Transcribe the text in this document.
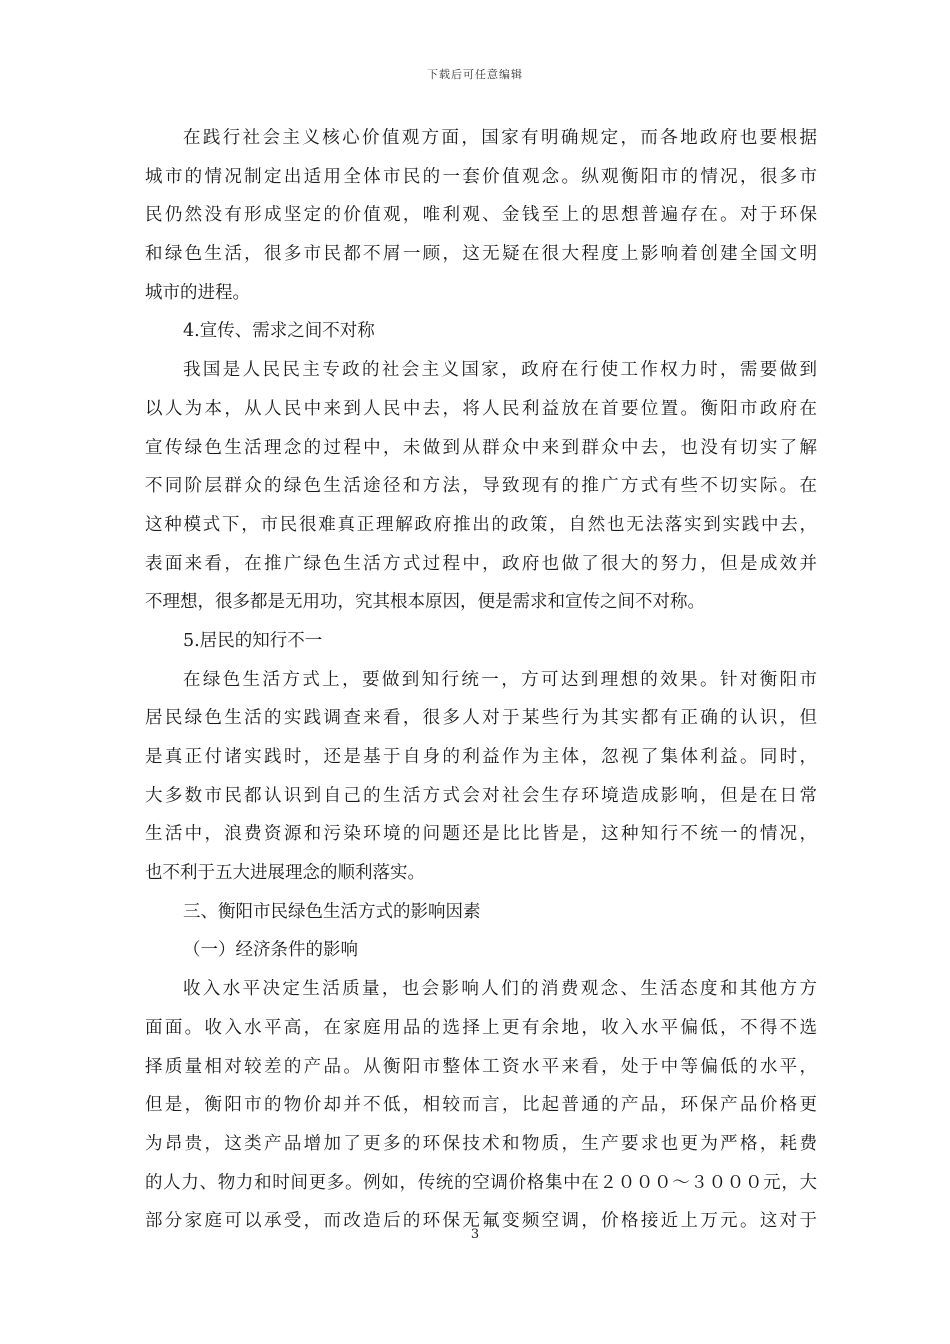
下载后可任意编辑
在践行社会主义核心价值观方面，国家有明确规定，而各地政府也要根据
城市的情况制定出适用全体市民的一套价值观念。纵观衡阳市的情况，很多市
民仍然没有形成坚定的价值观，唯利观、金钱至上的思想普遍存在。对于环保
和绿色生活，很多市民都不屑一顾，这无疑在很大程度上影响着创建全国文明
城市的进程。
4.宣传、需求之间不对称
我国是人民民主专政的社会主义国家，政府在行使工作权力时，需要做到
以人为本，从人民中来到人民中去，将人民利益放在首要位置。衡阳市政府在
宣传绿色生活理念的过程中，未做到从群众中来到群众中去，也没有切实了解
不同阶层群众的绿色生活途径和方法，导致现有的推广方式有些不切实际。在
这种模式下，市民很难真正理解政府推出的政策，自然也无法落实到实践中去，
表面来看，在推广绿色生活方式过程中，政府也做了很大的努力，但是成效并
不理想，很多都是无用功，究其根本原因，便是需求和宣传之间不对称。
5.居民的知行不一
在绿色生活方式上，要做到知行统一，方可达到理想的效果。针对衡阳市
居民绿色生活的实践调查来看，很多人对于某些行为其实都有正确的认识，但
是真正付诸实践时，还是基于自身的利益作为主体，忽视了集体利益。同时，
大多数市民都认识到自己的生活方式会对社会生存环境造成影响，但是在日常
生活中，浪费资源和污染环境的问题还是比比皆是，这种知行不统一的情况，
也不利于五大进展理念的顺利落实。
三、衡阳市民绿色生活方式的影响因素
（一）经济条件的影响
收入水平决定生活质量，也会影响人们的消费观念、生活态度和其他方方
面面。收入水平高，在家庭用品的选择上更有余地，收入水平偏低，不得不选
择质量相对较差的产品。从衡阳市整体工资水平来看，处于中等偏低的水平，
但是，衡阳市的物价却并不低，相较而言，比起普通的产品，环保产品价格更
为昂贵，这类产品增加了更多的环保技术和物质，生产要求也更为严格，耗费
的人力、物力和时间更多。例如，传统的空调价格集中在２０００～３０００元，大
部分家庭可以承受，而改造后的环保无氟变频空调，价格接近上万元。这对于
3
